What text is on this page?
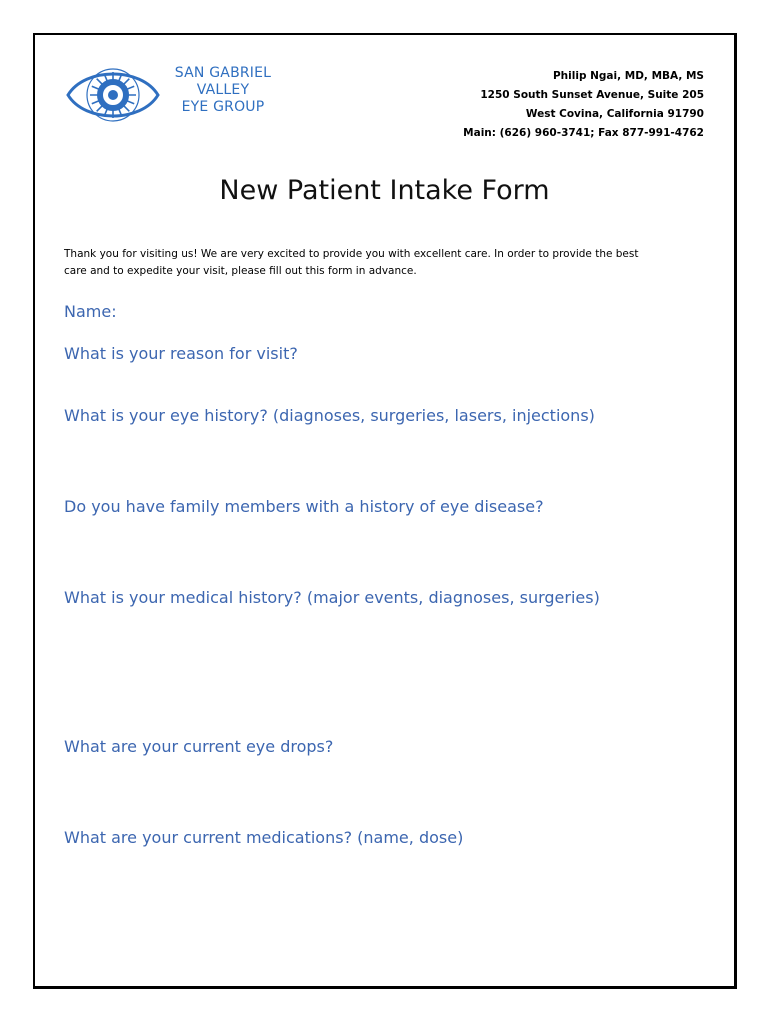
SAN GABRIEL
VALLEY
EYE GROUP
Philip Ngai, MD, MBA, MS
1250 South Sunset Avenue, Suite 205
West Covina, California 91790
Main: (626) 960-3741; Fax 877-991-4762
New Patient Intake Form
Thank you for visiting us! We are very excited to provide you with excellent care. In order to provide the best
care and to expedite your visit, please fill out this form in advance.
Name:
What is your reason for visit?
What is your eye history? (diagnoses, surgeries, lasers, injections)
Do you have family members with a history of eye disease?
What is your medical history? (major events, diagnoses, surgeries)
What are your current eye drops?
What are your current medications? (name, dose)
